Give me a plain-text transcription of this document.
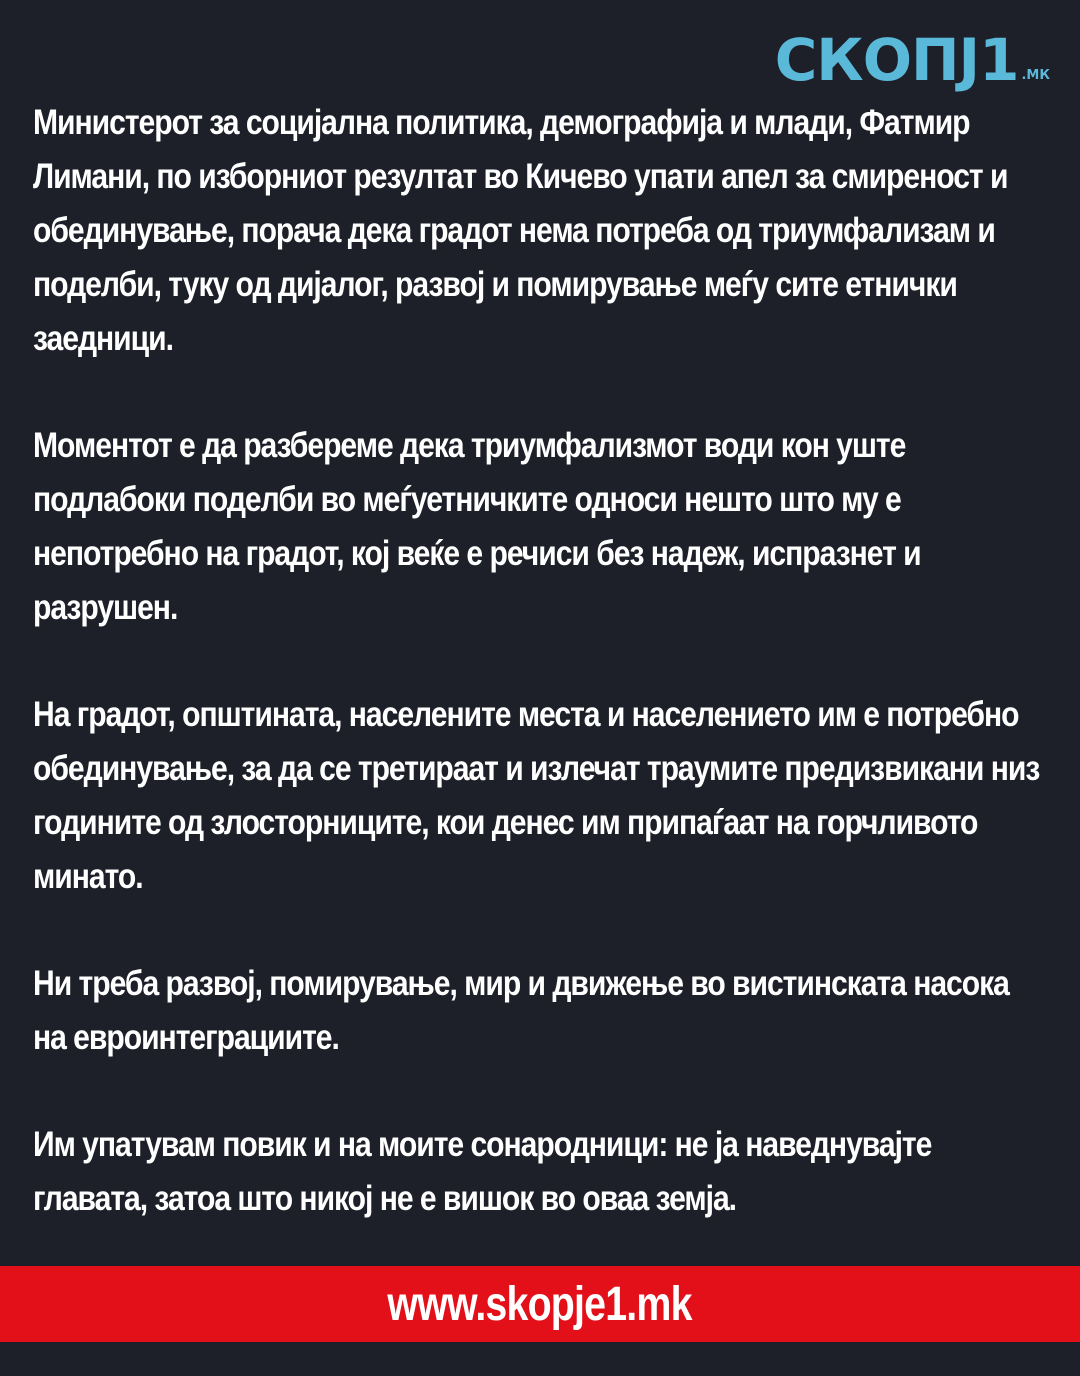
СКОПЈ1 .МК

Министерот за социјална политика, демографија и млади, Фатмир Лимани, по изборниот резултат во Кичево упати апел за смиреност и обединување, порача дека градот нема потреба од триумфализам и поделби, туку од дијалог, развој и помирување меѓу сите етнички заедници.

Моментот е да разбереме дека триумфализмот води кон уште подлабоки поделби во меѓуетничките односи нешто што му е непотребно на градот, кој веќе е речиси без надеж, испразнет и разрушен.

На градот, општината, населените места и населението им е потребно обединување, за да се третираат и излечат траумите предизвикани низ годините од злосторниците, кои денес им припаѓаат на горчливото минато.

Ни треба развој, помирување, мир и движење во вистинската насока на евроинтеграциите.

Им упатувам повик и на моите сонародници: не ја наведнувајте главата, затоа што никој не е вишок во оваа земја.

www.skopje1.mk
